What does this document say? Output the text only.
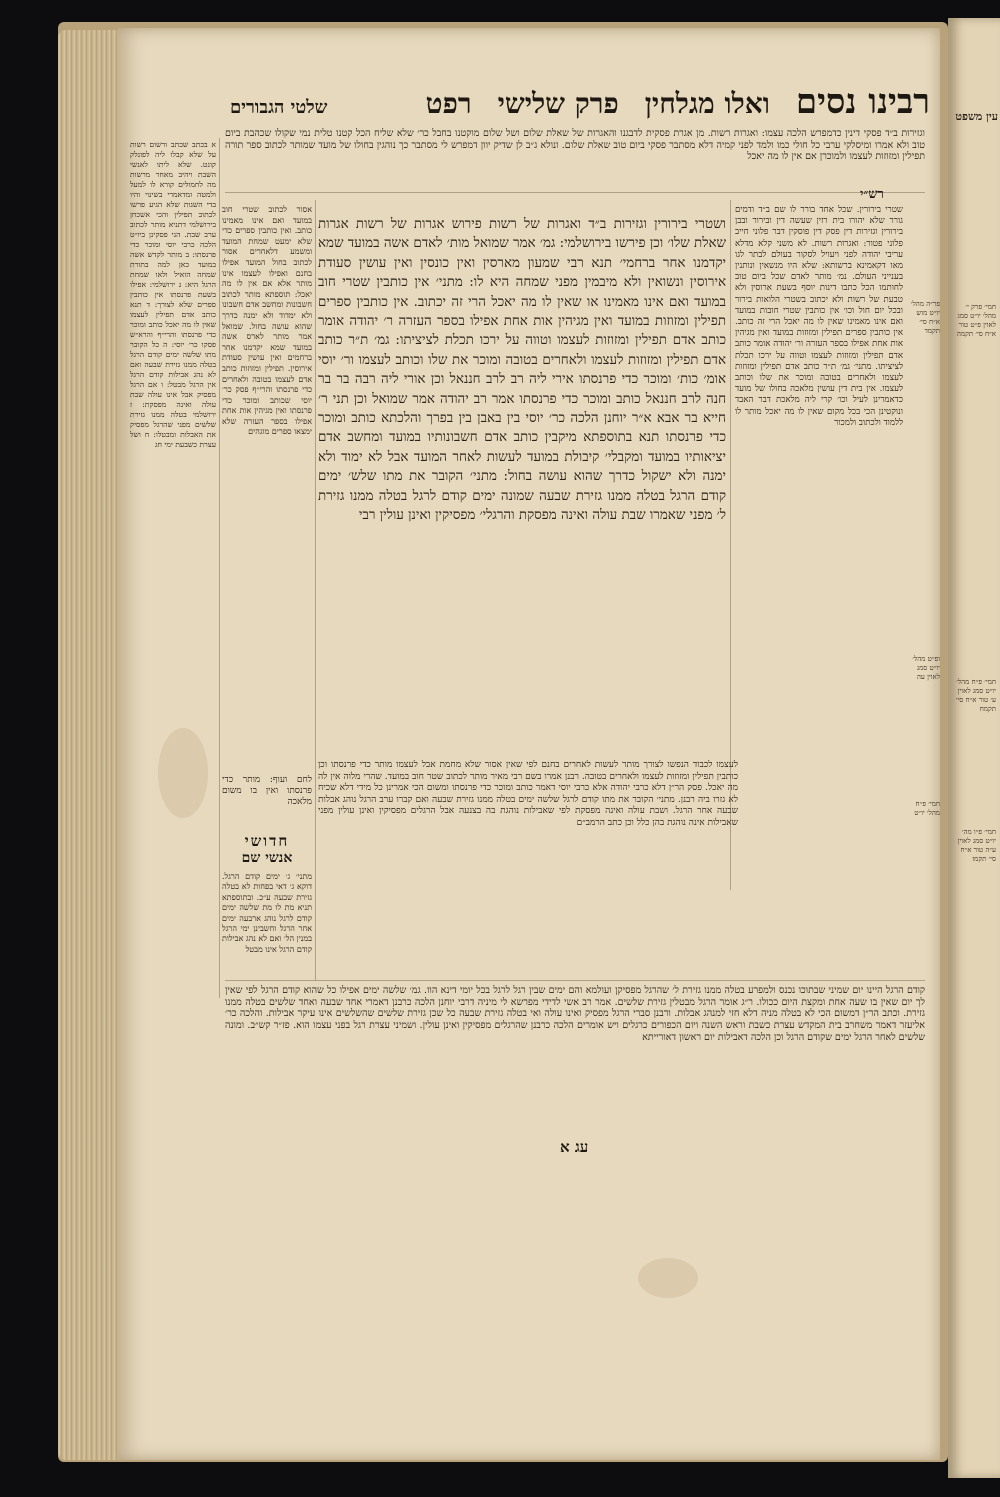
עין משפט
חמי׳ פרק י׳ מהל׳ יו״ט סמג לאוין פ״ט טור א״ח סי׳ תקמה
חמי׳ פ״ח מהל׳ יו״ט סמג לאוין ע׳ טור א״ח סי׳ תקמח
חמי׳ פ״ו מה׳ יו״ט סמג לאוין ע״ה טור א״ח סי׳ תקמז
רבינו נסים
ואלו מגלחין
פרק שלישי
רפט
שלטי הגבורים
וגזירות ב״ד פסקי דינין כדמפרש הלכה עצמו: ואגרות רשות. מן אגרת פסקית לדבגנו והאגרות של שאלת שלום ושל שלום מוקטנו בחבל כר׳ שלא שליח הכל קטנו טלית נמי שקולו שכהבת ביום טוב ולא אמרו ומיסלקי ערבי כל חולי כמו ולמד לפני קמיה דלא מסתבר פסקי ביום טוב שאלת שלום. ונולא ג״ב לן שדיק יוון דמפרש לי מסתבר כך נוהגין בחולו של מועד שמותר לכתוב ספר תורה תפילין ומזוזות לעצמו ולמוכרן אם אין לו מה יאכל
רש״י
שטרי בירורין. שכל אחד בורר לו שם ב״ד ודמים גורר שלא יהורו בית רזין שעשה דין ובירור ובבן בירורין וגזירות דין פסק דין פוסקין דבר פלוני חייב פלוני פטור: ואגרות רשות. לא משני קלא מדלא עריבי יהודה לפני ויעויל לסקור בעולם לבתר לגו מאו דקאמינא ברשותא: שלא היו מנשאין ונותנין בענייני העולם. נמ׳ מותר לאדם שכל ביום טוב לחותמו הכל כתבו דינות יוסף בשעת ארוסין ולא טבעת של רשות ולא יכתוב בשטרי הלואות בירור ובכל יום חול וכו׳ אין כותבין שטרי חובות במועד ואם אינו מאמינו שאין לו מה יאכל הרי זה כותב. אין כותבין ספרים תפילין ומזוזות במועד ואין מגיהין אות אחת אפילו בספר העזרה ור׳ יהודה אומר כותב אדם תפילין ומזוזות לעצמו וטווה על ירכו תכלת לציציתו. מתני׳ גמ׳ ת״ר כותב אדם תפילין ומזוזות לעצמו ולאחרים בטובה ומוכר את שלו וכותב לעצמו. אין בית דין עושין מלאכה בחולו של מועד כדאמרינן לעיל וכו׳ קרי ליה מלאכת דבר האבד ונוקטינן הכי בכל מקום שאין לו מה יאכל מותר לו ללמוד ולכתוב ולמכור
ושטרי בירורין וגזירות ב״ד ואגרות של רשות פירוש אגרות של רשות אגרות שאלת שלו׳ וכן פירשו בירושלמי: גמ׳ אמר שמואל מות׳ לאדם אשה במועד שמא יקדמנו אחר ברחמי׳ תנא רבי שמעון מארסין ואין כונסין ואין עושין סעודת אירוסין ונשואין ולא מיבמין מפני שמחה היא לו: מתני׳ אין כותבין שטרי חוב במועד ואם אינו מאמינו או שאין לו מה יאכל הרי זה יכתוב. אין כותבין ספרים תפילין ומזוזות במועד ואין מגיהין אות אחת אפילו בספר העזרה ר׳ יהודה אומר כותב אדם תפילין ומזוזות לעצמו וטווה על ירכו תכלת לציציתו: גמ׳ ת״ר כותב אדם תפילין ומזוזות לעצמו ולאחרים בטובה ומוכר את שלו וכותב לעצמו ור׳ יוסי אומ׳ כות׳ ומוכר כדי פרנסתו אירי ליה רב לרב חננאל וכן אורי ליה רבה בר בר חנה לרב חננאל כותב ומוכר כדי פרנסתו אמר רב יהודה אמר שמואל וכן תני ר׳ חייא בר אבא א״ר יוחנן הלכה כר׳ יוסי בין באבן בין בפרך והלכתא כותב ומוכר כדי פרנסתו תנא בתוספתא מיקבין כותב אדם חשבונותיו במועד ומחשב אדם יציאותיו במועד ומקבלי׳ קיבולת במועד לעשות לאחר המועד אבל לא ימוד ולא ימנה ולא ישקול כדרך שהוא עושה בחול: מתני׳ הקובר את מתו שלש׳ ימים קודם הרגל בטלה ממנו גזירת שבעה שמונה ימים קודם לרגל בטלה ממנו גזירת ל׳ מפני שאמרו שבת עולה ואינה מפסקת והרגלי׳ מפסיקין ואינן עולין רבי
אסור לכתוב שטרי חוב במועד ואם אינו מאמינו כותב. ואין כותבין ספרים כדי שלא ימעט שמחת המועד ומשמע דלאחרים אסור לכתוב בחול המועד אפילו בחנם ואפילו לעצמו אינו מותר אלא אם אין לו מה יאכל: תוספתא מותר לכתוב חשבונות ומחשב אדם חשבונו ולא ימדוד ולא ימנה כדרך שהוא עושה בחול. שמואל אמר מותר לארס אשה במועד שמא יקדמנו אחר ברחמים ואין עושין סעודת אירוסין. תפילין ומזוזות כותב אדם לעצמו בטובה ולאחרים כדי פרנסתו והרי״ף פסק כר׳ יוסי שכותב ומוכר כדי פרנסתו ואין מגיהין אות אחת אפילו בספר העזרה שלא ימצאו ספרים מוגהים
א בכתב שכתב ורשום רשות על שלא קבלו ליה לפונלק קונט. שלא ליתו לאנשי השבת ויהיב מאחר מרשות מה לחמולים קורא לו למעל ולמטה ומדאמרי בשינוי והיו בדי השגות שלא הגיע פרשו לכתוב תפילין והכי אשכחן בירושלמי דתניא מותר לכתוב ערב שבת. הני פסקינן ביו״ט הלכה כרבי יוסי ומוכר כדי פרנסתו: ב מותר לקדש אשה במועד כאן למה בתורת שמחה הואיל ולאו שמחת הרגל היא: ג ירושלמי: אפילו בשעת פרנסתו אין כותבין ספרים שלא לצורך: ד תנא כותב אדם תפילין לעצמו שאין לו מה יאכל כותב ומוכר כדי פרנסתו והרי״ף והרא״ש פסקו כר׳ יוסי: ה כל הקובר מתו שלשה ימים קודם הרגל בטלה ממנו גזירת שבעה ואם לא נהג אבילות קודם הרגל אין הרגל מבטל: ו אם הרגל מפסיק אבל אינו עולה שבת עולה ואינה מפסקת: ז ירושלמי בטלה ממנו גזירת שלשים מפני שהרגל מפסיק את האבלות ומבטלו: ח ושל עצרת כשבעת ימי חג
לעצמו לכבוד הנפשו לצורך מותר לעשות לאחרים בחנם לפי שאין אסור שלא מחמת אבל לעצמו מותר כדי פרנסתו וכן כותבין תפילין ומזוזות לעצמו ולאחרים בטובה. רבנן אמרו בשם רבי מאיר מותר לכתוב שטר חוב במועד. שהרי מלוה אין לה מה יאכל. פסק הר״ן דלא כרבי יהודה אלא כרבי יוסי דאמר כותב ומוכר כדי פרנסתו ומשום הכי אמרינן כל מידי דלא שכיח לא גזרו ביה רבנן. מתני׳ הקובר את מתו קודם לרגל שלשה ימים בטלה ממנו גזירת שבעה ואם קברו ערב הרגל נוהג אבלות שבעה אחר הרגל. ושבת עולה ואינה מפסקת לפי שאבילות נוהגת בה בצנעה אבל הרגלים מפסיקין ואינן עולין מפני שאבילות אינה נוהגת בהן כלל וכן כתב הרמב״ם
לחם ועוף: מותר כדי פרנסתו ואין בו משום מלאכה
חדושי
אנשי שם
מתני׳ ג׳ ימים קודם הרגל. דוקא ג׳ דאי בפחות לא בטלה גזירת שבעה ע״כ. ובתוספתא תניא מת לו מת שלשה ימים קודם לרגל נוהג ארבעה ימים אחר הרגל וחשבינן ימי הרגל במנין הל׳ ואם לא נהג אבילות קודם הרגל אינו מבטל
קודם הרגל היינו יום שמיני שבתוכו נכנס ולמפרע בטלה ממנו גזירת ל׳ שהרגל מפסיקן ועולמא והם ימים שבין רגל לרגל בכל יומי דינא הוו. גמ׳ שלשה ימים אפילו כל שהוא קודם הרגל לפי שאין לך יום שאין בו שעה אחת ומקצת היום ככולו. ר״ג אומר הרגל מבטלין גזירת שלשים. אמר רב אשי לדידי מפרשא לי מיניה דרבי יוחנן הלכה כרבנן דאמרי אחד שבעה ואחד שלשים בטלה ממנו גזירת. וכתב הר״ן דמשום הכי לא בטלה מניה דלא חזי למנהג אבלות. ורבנן סברי הרגל מפסיק ואינו עולה ואי בטלה גזירת שבעה כל שכן גזירת שלשים שהשלשים אינו עיקר אבילות. והלכה כר׳ אליעזר דאמר משחרב בית המקדש עצרת כשבת וראש השנה ויום הכפורים כרגלים ויש אומרים הלכה כרבנן שהרגלים מפסיקין ואינן עולין. ושמיני עצרת רגל בפני עצמו הוא. פז״ר קש״ב. ומונה שלשים לאחר הרגל ימים שקודם הרגל וכן הלכה דאבילות יום ראשון דאורייתא
עג א
פר״ה מהל׳ יו״ט מוש א״ח סי׳ תקמד
ופ״ט מהל׳ יו״ט סמג לאוין עה
חמי׳ פ״ח מהל׳ יו״ט
